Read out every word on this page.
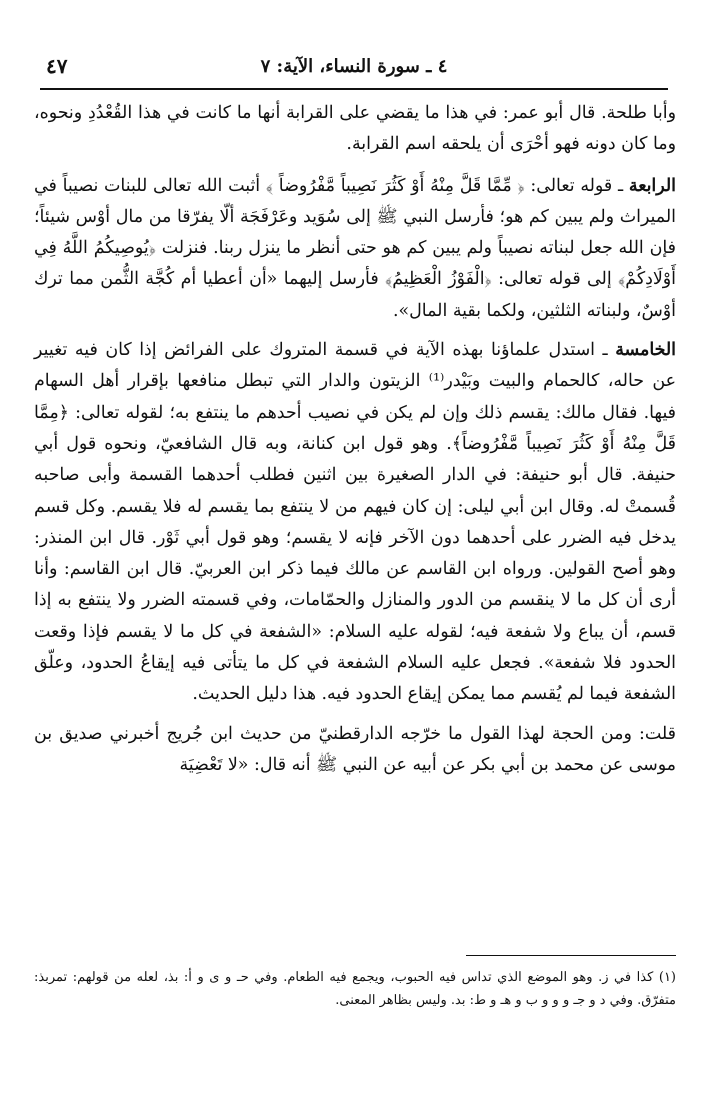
٤ ـ سورة النساء، الآية: ٧
٤٧

وأبا طلحة. قال أبو عمر: في هذا ما يقضي على القرابة أنها ما كانت في هذا القُعْدُدِ ونحوه، وما كان دونه فهو أحْرَى أن يلحقه اسم القرابة.

الرابعة ـ قوله تعالى: ﴿ مِّمَّا قَلَّ مِنْهُ أَوْ كَثُرَ نَصِيباً مَّفْرُوضاً ﴾ أثبت الله تعالى للبنات نصيباً في الميراث ولم يبين كم هو؛ فأرسل النبي ﷺ إلى سُوَيد وعَرْفَجَة ألّا يفرّقا من مال أوْس شيئاً؛ فإن الله جعل لبناته نصيباً ولم يبين كم هو حتى أنظر ما ينزل ربنا. فنزلت ﴿يُوصِيكُمُ اللَّهُ فِي أَوْلَادِكُمْ﴾ إلى قوله تعالى: ﴿الْفَوْزُ الْعَظِيمُ﴾ فأرسل إليهما «أن أعطيا أم كُجَّة الثُّمن مما ترك أوْسٌ، ولبناته الثلثين، ولكما بقية المال».

الخامسة ـ استدل علماؤنا بهذه الآية في قسمة المتروك على الفرائض إذا كان فيه تغيير عن حاله، كالحمام والبيت وبَيْدر⁽¹⁾ الزيتون والدار التي تبطل منافعها بإقرار أهل السهام فيها. فقال مالك: يقسم ذلك وإن لم يكن في نصيب أحدهم ما ينتفع به؛ لقوله تعالى: ﴿مِمَّا قَلَّ مِنْهُ أَوْ كَثُرَ نَصِيباً مَّفْرُوضاً﴾. وهو قول ابن كنانة، وبه قال الشافعيّ، ونحوه قول أبي حنيفة. قال أبو حنيفة: في الدار الصغيرة بين اثنين فطلب أحدهما القسمة وأبى صاحبه قُسمتْ له. وقال ابن أبي ليلى: إن كان فيهم من لا ينتفع بما يقسم له فلا يقسم. وكل قسم يدخل فيه الضرر على أحدهما دون الآخر فإنه لا يقسم؛ وهو قول أبي ثَوْر. قال ابن المنذر: وهو أصح القولين. ورواه ابن القاسم عن مالك فيما ذكر ابن العربيّ. قال ابن القاسم: وأنا أرى أن كل ما لا ينقسم من الدور والمنازل والحمّامات، وفي قسمته الضرر ولا ينتفع به إذا قسم، أن يباع ولا شفعة فيه؛ لقوله عليه السلام: «الشفعة في كل ما لا يقسم فإذا وقعت الحدود فلا شفعة». فجعل عليه السلام الشفعة في كل ما يتأتى فيه إيقاعُ الحدود، وعلّق الشفعة فيما لم يُقسم مما يمكن إيقاع الحدود فيه. هذا دليل الحديث.

قلت: ومن الحجة لهذا القول ما خرّجه الدارقطنيّ من حديث ابن جُريج أخبرني صديق بن موسى عن محمد بن أبي بكر عن أبيه عن النبي ﷺ أنه قال: «لا تَعْضِيَة

(١) كذا في ز. وهو الموضع الذي تداس فيه الحبوب، ويجمع فيه الطعام. وفي حـ و ى و أ: بذ، لعله من قولهم: تمربذ: متفرّق. وفي د و جـ و و و ب و هـ و ط: بد. وليس بظاهر المعنى.
